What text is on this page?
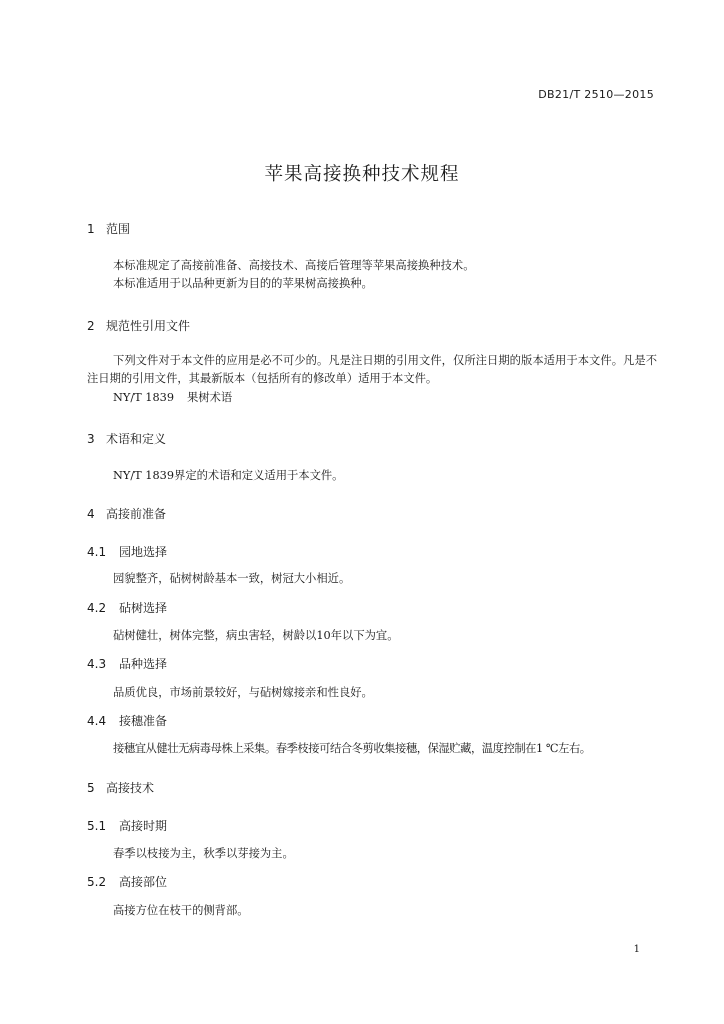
DB21/T 2510—2015
苹果高接换种技术规程
1 范围
本标准规定了高接前准备、高接技术、高接后管理等苹果高接换种技术。
本标准适用于以品种更新为目的的苹果树高接换种。
2 规范性引用文件
下列文件对于本文件的应用是必不可少的。凡是注日期的引用文件，仅所注日期的版本适用于本文件。凡是不注日期的引用文件，其最新版本（包括所有的修改单）适用于本文件。
NY/T 1839 果树术语
3 术语和定义
NY/T 1839界定的术语和定义适用于本文件。
4 高接前准备
4.1 园地选择
园貌整齐，砧树树龄基本一致，树冠大小相近。
4.2 砧树选择
砧树健壮，树体完整，病虫害轻，树龄以10年以下为宜。
4.3 品种选择
品质优良，市场前景较好，与砧树嫁接亲和性良好。
4.4 接穗准备
接穗宜从健壮无病毒母株上采集。春季枝接可结合冬剪收集接穗，保湿贮藏，温度控制在1 ℃左右。
5 高接技术
5.1 高接时期
春季以枝接为主，秋季以芽接为主。
5.2 高接部位
高接方位在枝干的侧背部。
1
